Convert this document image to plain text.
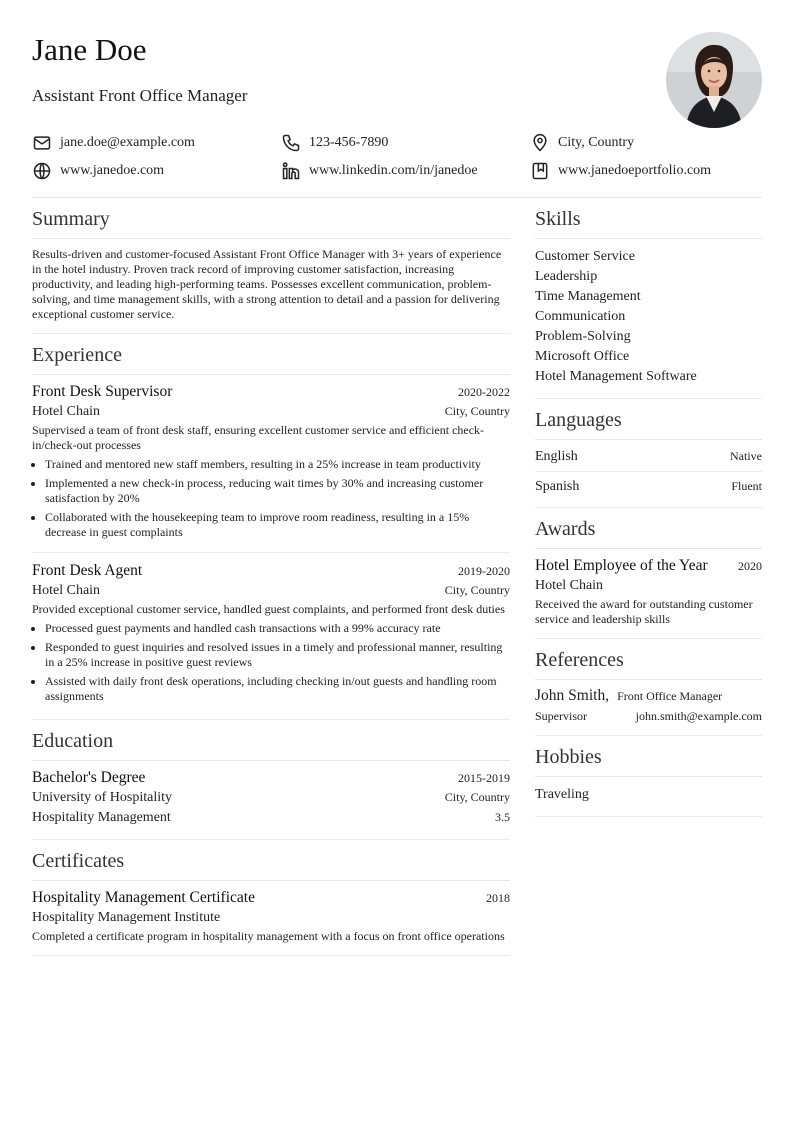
Jane Doe
Assistant Front Office Manager
jane.doe@example.com	123-456-7890	City, Country
www.janedoe.com	www.linkedin.com/in/janedoe	www.janedoeportfolio.com
Summary
Results-driven and customer-focused Assistant Front Office Manager with 3+ years of experience in the hotel industry. Proven track record of improving customer satisfaction, increasing productivity, and leading high-performing teams. Possesses excellent communication, problem-solving, and time management skills, with a strong attention to detail and a passion for delivering exceptional customer service.
Experience
Front Desk Supervisor	2020-2022
Hotel Chain	City, Country
Supervised a team of front desk staff, ensuring excellent customer service and efficient check-in/check-out processes
• Trained and mentored new staff members, resulting in a 25% increase in team productivity
• Implemented a new check-in process, reducing wait times by 30% and increasing customer satisfaction by 20%
• Collaborated with the housekeeping team to improve room readiness, resulting in a 15% decrease in guest complaints
Front Desk Agent	2019-2020
Hotel Chain	City, Country
Provided exceptional customer service, handled guest complaints, and performed front desk duties
• Processed guest payments and handled cash transactions with a 99% accuracy rate
• Responded to guest inquiries and resolved issues in a timely and professional manner, resulting in a 25% increase in positive guest reviews
• Assisted with daily front desk operations, including checking in/out guests and handling room assignments
Education
Bachelor's Degree	2015-2019
University of Hospitality	City, Country
Hospitality Management	3.5
Certificates
Hospitality Management Certificate	2018
Hospitality Management Institute
Completed a certificate program in hospitality management with a focus on front office operations
Skills
Customer Service
Leadership
Time Management
Communication
Problem-Solving
Microsoft Office
Hotel Management Software
Languages
English	Native
Spanish	Fluent
Awards
Hotel Employee of the Year	2020
Hotel Chain
Received the award for outstanding customer service and leadership skills
References
John Smith, Front Office Manager
Supervisor	john.smith@example.com
Hobbies
Traveling
